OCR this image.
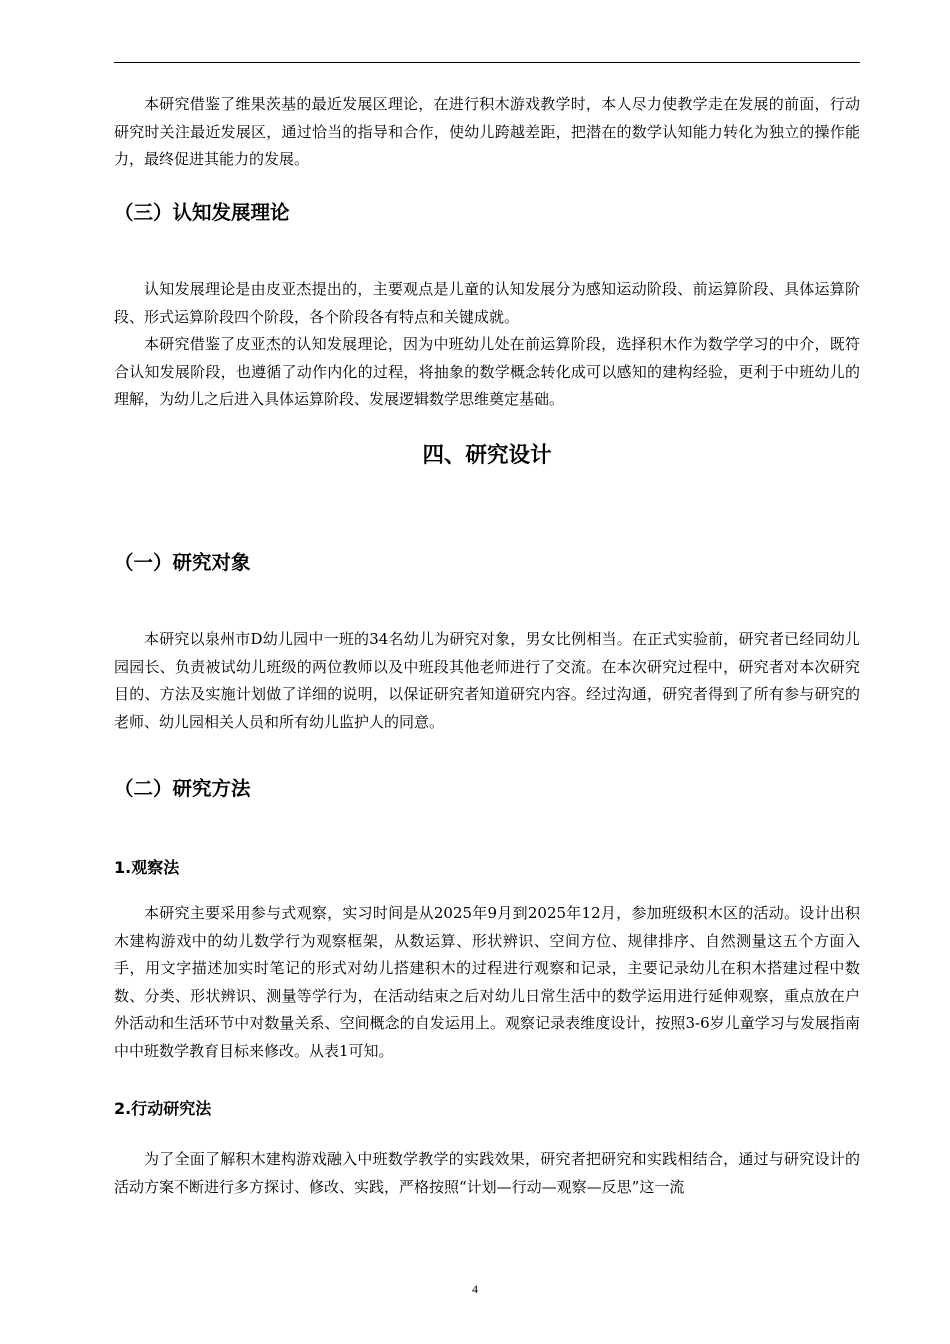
本研究借鉴了维果茨基的最近发展区理论，在进行积木游戏教学时，本人尽力使教学走在发展的前面，行动研究时关注最近发展区，通过恰当的指导和合作，使幼儿跨越差距，把潜在的数学认知能力转化为独立的操作能力，最终促进其能力的发展。

（三）认知发展理论

认知发展理论是由皮亚杰提出的，主要观点是儿童的认知发展分为感知运动阶段、前运算阶段、具体运算阶段、形式运算阶段四个阶段，各个阶段各有特点和关键成就。

本研究借鉴了皮亚杰的认知发展理论，因为中班幼儿处在前运算阶段，选择积木作为数学学习的中介，既符合认知发展阶段，也遵循了动作内化的过程，将抽象的数学概念转化成可以感知的建构经验，更利于中班幼儿的理解，为幼儿之后进入具体运算阶段、发展逻辑数学思维奠定基础。

四、研究设计
（一）研究对象

本研究以泉州市D幼儿园中一班的34名幼儿为研究对象，男女比例相当。在正式实验前，研究者已经同幼儿园园长、负责被试幼儿班级的两位教师以及中班段其他老师进行了交流。在本次研究过程中，研究者对本次研究目的、方法及实施计划做了详细的说明，以保证研究者知道研究内容。经过沟通，研究者得到了所有参与研究的老师、幼儿园相关人员和所有幼儿监护人的同意。

（二）研究方法
1.观察法

本研究主要采用参与式观察，实习时间是从2025年9月到2025年12月，参加班级积木区的活动。设计出积木建构游戏中的幼儿数学行为观察框架，从数运算、形状辨识、空间方位、规律排序、自然测量这五个方面入手，用文字描述加实时笔记的形式对幼儿搭建积木的过程进行观察和记录，主要记录幼儿在积木搭建过程中数数、分类、形状辨识、测量等学行为，在活动结束之后对幼儿日常生活中的数学运用进行延伸观察，重点放在户外活动和生活环节中对数量关系、空间概念的自发运用上。观察记录表维度设计，按照3-6岁儿童学习与发展指南中中班数学教育目标来修改。从表1可知。

2.行动研究法

为了全面了解积木建构游戏融入中班数学教学的实践效果，研究者把研究和实践相结合，通过与研究设计的活动方案不断进行多方探讨、修改、实践，严格按照“计划—行动—观察—反思”这一流

4
